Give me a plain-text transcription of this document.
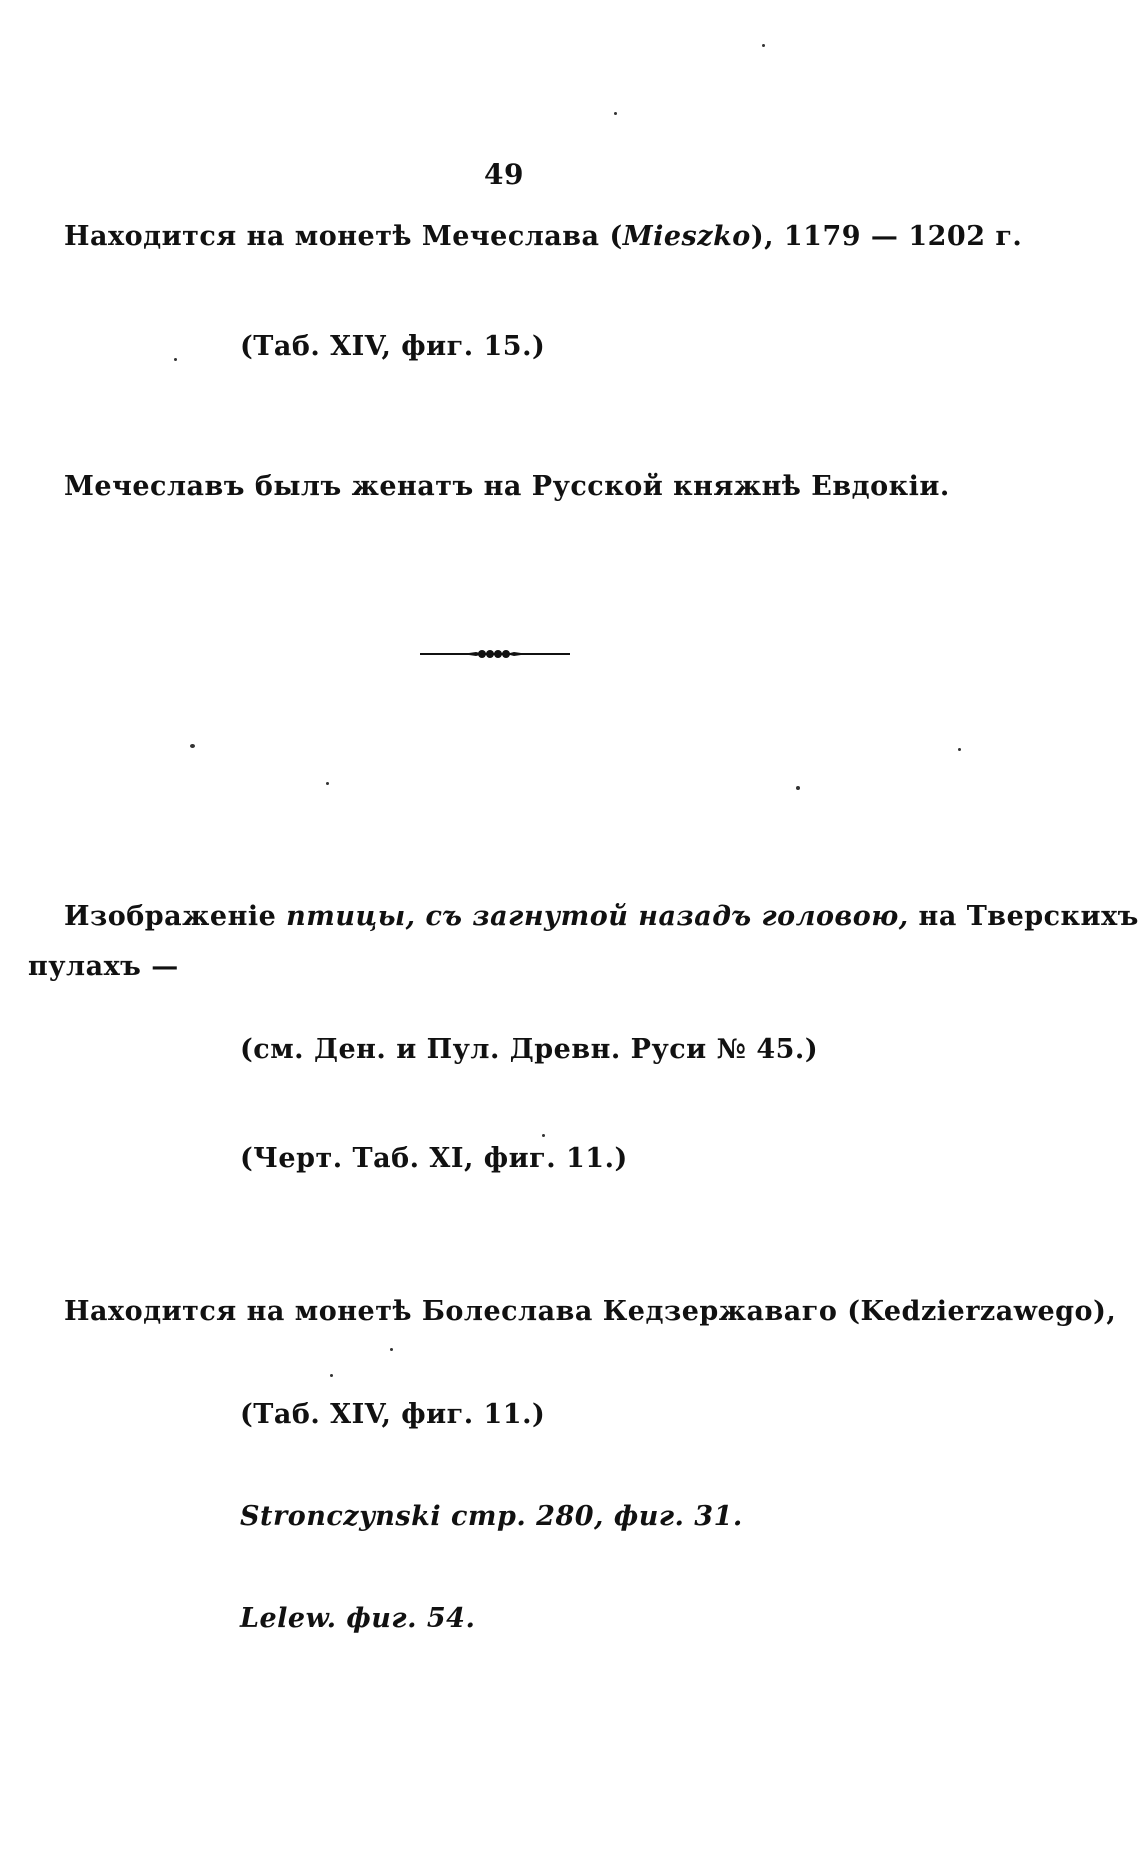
49
Находится на монетѣ Мечеслава (Mieszko), 1179 — 1202 г.
(Таб. XIV, фиг. 15.)
Мечеславъ былъ женатъ на Русской княжнѣ Евдокiи.
Изображенiе птицы, съ загнутой назадъ головою, на Тверскихъ
пулахъ —
(см. Ден. и Пул. Древн. Руси № 45.)
(Черт. Таб. XI, фиг. 11.)
Находится на монетѣ Болеслава Кедзержаваго (Kedzierzawego),
(Таб. XIV, фиг. 11.)
Stronczynski стр. 280, фиг. 31.
Lelew. фиг. 54.
